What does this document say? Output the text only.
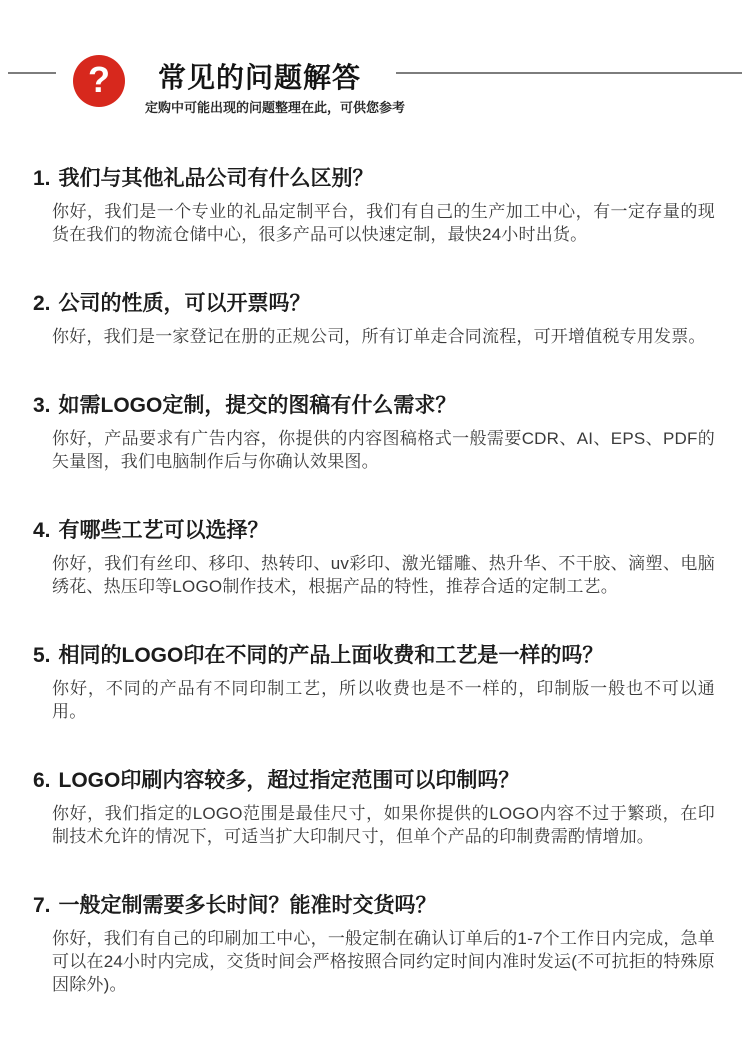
?	常见的问题解答
定购中可能出现的问题整理在此，可供您参考
1. 我们与其他礼品公司有什么区别？
你好，我们是一个专业的礼品定制平台，我们有自己的生产加工中心，有一定存量的现货在我们的物流仓储中心，很多产品可以快速定制，最快24小时出货。
2. 公司的性质，可以开票吗？
你好，我们是一家登记在册的正规公司，所有订单走合同流程，可开增值税专用发票。
3. 如需LOGO定制，提交的图稿有什么需求？
你好，产品要求有广告内容，你提供的内容图稿格式一般需要CDR、AI、EPS、PDF的矢量图，我们电脑制作后与你确认效果图。
4. 有哪些工艺可以选择？
你好，我们有丝印、移印、热转印、uv彩印、激光镭雕、热升华、不干胶、滴塑、电脑绣花、热压印等LOGO制作技术，根据产品的特性，推荐合适的定制工艺。
5. 相同的LOGO印在不同的产品上面收费和工艺是一样的吗？
你好，不同的产品有不同印制工艺，所以收费也是不一样的，印制版一般也不可以通用。
6. LOGO印刷内容较多，超过指定范围可以印制吗？
你好，我们指定的LOGO范围是最佳尺寸，如果你提供的LOGO内容不过于繁琐，在印制技术允许的情况下，可适当扩大印制尺寸，但单个产品的印制费需酌情增加。
7. 一般定制需要多长时间？能准时交货吗？
你好，我们有自己的印刷加工中心，一般定制在确认订单后的1-7个工作日内完成，急单可以在24小时内完成，交货时间会严格按照合同约定时间内准时发运(不可抗拒的特殊原因除外)。
